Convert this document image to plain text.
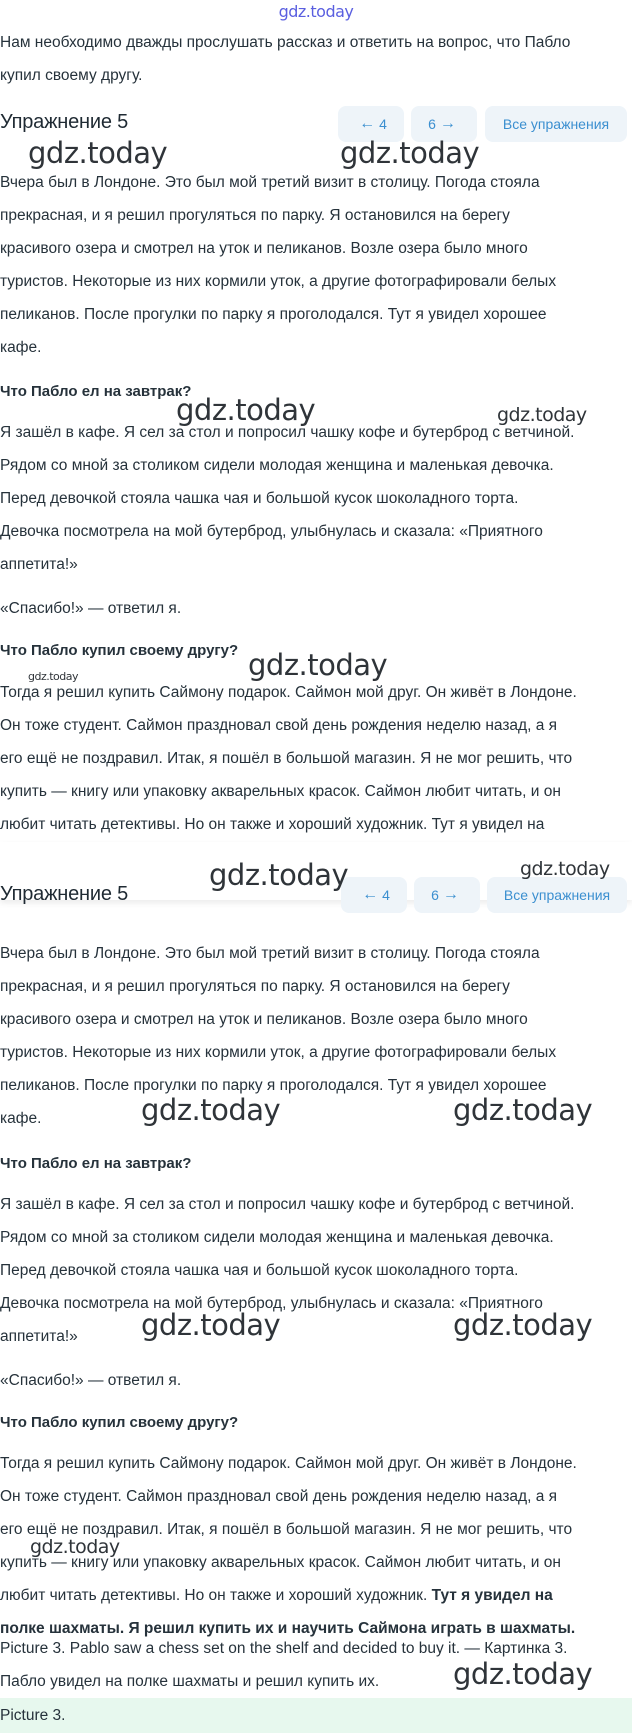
gdz.today
Нам необходимо дважды прослушать рассказ и ответить на вопрос, что Пабло
купил своему другу.
Упражнение 5	← 4	6 →	Все упражнения
Вчера был в Лондоне. Это был мой третий визит в столицу. Погода стояла
прекрасная, и я решил прогуляться по парку. Я остановился на берегу
красивого озера и смотрел на уток и пеликанов. Возле озера было много
туристов. Некоторые из них кормили уток, а другие фотографировали белых
пеликанов. После прогулки по парку я проголодался. Тут я увидел хорошее
кафе.
Что Пабло ел на завтрак?
Я зашёл в кафе. Я сел за стол и попросил чашку кофе и бутерброд с ветчиной.
Рядом со мной за столиком сидели молодая женщина и маленькая девочка.
Перед девочкой стояла чашка чая и большой кусок шоколадного торта.
Девочка посмотрела на мой бутерброд, улыбнулась и сказала: «Приятного
аппетита!»
«Спасибо!» — ответил я.
Что Пабло купил своему другу?
Тогда я решил купить Саймону подарок. Саймон мой друг. Он живёт в Лондоне.
Он тоже студент. Саймон праздновал свой день рождения неделю назад, а я
его ещё не поздравил. Итак, я пошёл в большой магазин. Я не мог решить, что
купить — книгу или упаковку акварельных красок. Саймон любит читать, и он
любит читать детективы. Но он также и хороший художник. Тут я увидел на
Упражнение 5	← 4	6 →	Все упражнения
Вчера был в Лондоне. Это был мой третий визит в столицу. Погода стояла
прекрасная, и я решил прогуляться по парку. Я остановился на берегу
красивого озера и смотрел на уток и пеликанов. Возле озера было много
туристов. Некоторые из них кормили уток, а другие фотографировали белых
пеликанов. После прогулки по парку я проголодался. Тут я увидел хорошее
кафе.
Что Пабло ел на завтрак?
Я зашёл в кафе. Я сел за стол и попросил чашку кофе и бутерброд с ветчиной.
Рядом со мной за столиком сидели молодая женщина и маленькая девочка.
Перед девочкой стояла чашка чая и большой кусок шоколадного торта.
Девочка посмотрела на мой бутерброд, улыбнулась и сказала: «Приятного
аппетита!»
«Спасибо!» — ответил я.
Что Пабло купил своему другу?
Тогда я решил купить Саймону подарок. Саймон мой друг. Он живёт в Лондоне.
Он тоже студент. Саймон праздновал свой день рождения неделю назад, а я
его ещё не поздравил. Итак, я пошёл в большой магазин. Я не мог решить, что
купить — книгу или упаковку акварельных красок. Саймон любит читать, и он
любит читать детективы. Но он также и хороший художник. Тут я увидел на
полке шахматы. Я решил купить их и научить Саймона играть в шахматы.
Picture 3. Pablo saw a chess set on the shelf and decided to buy it. — Картинка 3.
Пабло увидел на полке шахматы и решил купить их.
Picture 3.
gdz.today	gdz.today
gdz.today	gdz.today
gdz.today	gdz.today
gdz.today	gdz.today
gdz.today	gdz.today
gdz.today	gdz.today
gdz.today
gdz.today
